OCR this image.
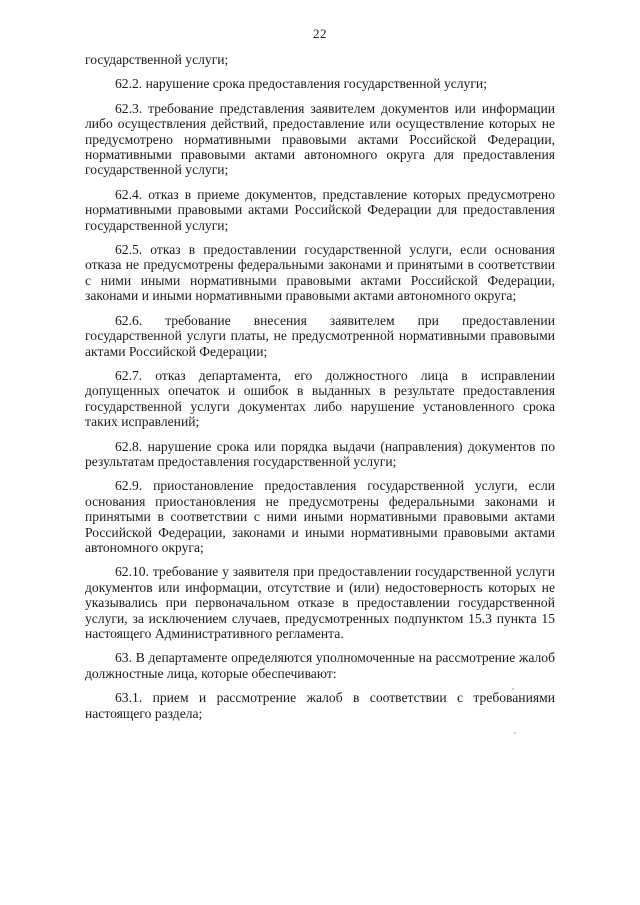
22

государственной услуги;

62.2. нарушение срока предоставления государственной услуги;

62.3. требование представления заявителем документов или информации либо осуществления действий, предоставление или осуществление которых не предусмотрено нормативными правовыми актами Российской Федерации, нормативными правовыми актами автономного округа для предоставления государственной услуги;

62.4. отказ в приеме документов, представление которых предусмотрено нормативными правовыми актами Российской Федерации для предоставления государственной услуги;

62.5. отказ в предоставлении государственной услуги, если основания отказа не предусмотрены федеральными законами и принятыми в соответствии с ними иными нормативными правовыми актами Российской Федерации, законами и иными нормативными правовыми актами автономного округа;

62.6. требование внесения заявителем при предоставлении государственной услуги платы, не предусмотренной нормативными правовыми актами Российской Федерации;

62.7. отказ департамента, его должностного лица в исправлении допущенных опечаток и ошибок в выданных в результате предоставления государственной услуги документах либо нарушение установленного срока таких исправлений;

62.8. нарушение срока или порядка выдачи (направления) документов по результатам предоставления государственной услуги;

62.9. приостановление предоставления государственной услуги, если основания приостановления не предусмотрены федеральными законами и принятыми в соответствии с ними иными нормативными правовыми актами Российской Федерации, законами и иными нормативными правовыми актами автономного округа;

62.10. требование у заявителя при предоставлении государственной услуги документов или информации, отсутствие и (или) недостоверность которых не указывались при первоначальном отказе в предоставлении государственной услуги, за исключением случаев, предусмотренных подпунктом 15.3 пункта 15 настоящего Административного регламента.

63. В департаменте определяются уполномоченные на рассмотрение жалоб должностные лица, которые обеспечивают:

63.1. прием и рассмотрение жалоб в соответствии с требованиями настоящего раздела;
